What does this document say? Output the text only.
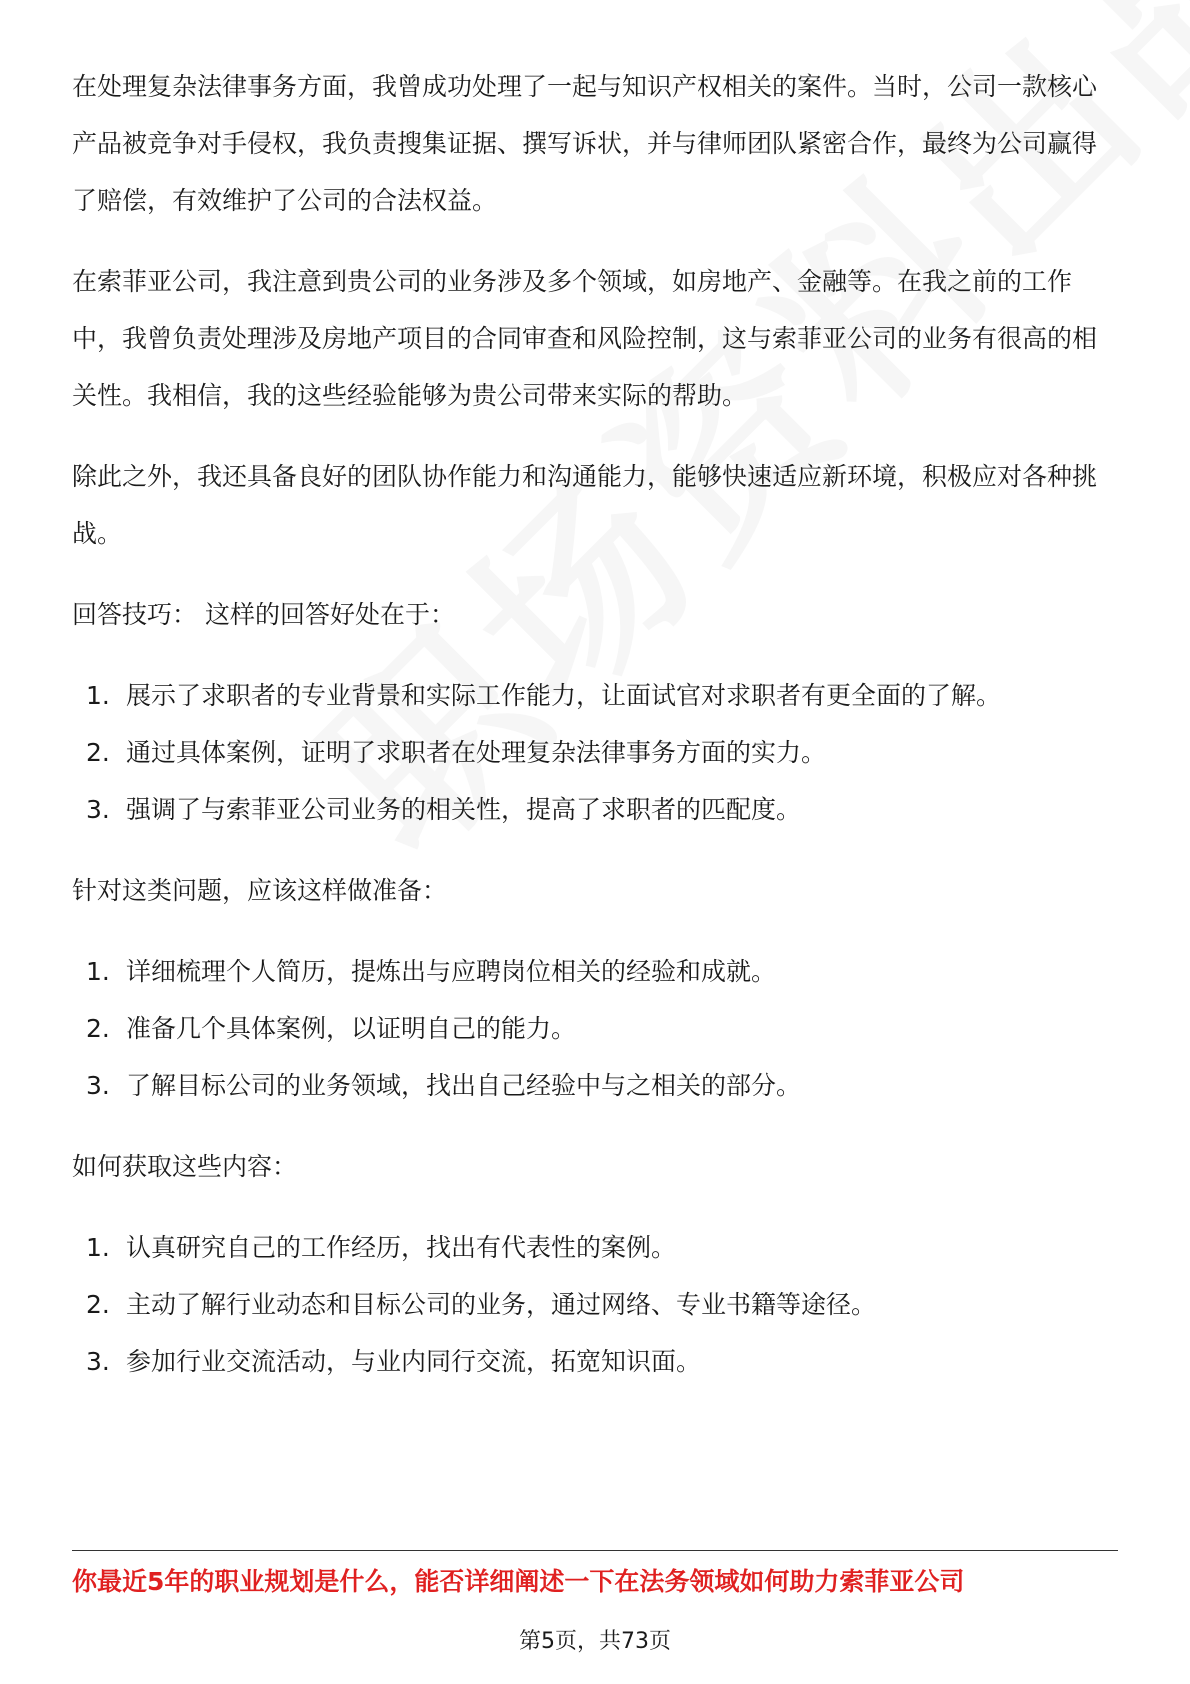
在处理复杂法律事务方面，我曾成功处理了一起与知识产权相关的案件。当时，公司一款核心产品被竞争对手侵权，我负责搜集证据、撰写诉状，并与律师团队紧密合作，最终为公司赢得了赔偿，有效维护了公司的合法权益。

在索菲亚公司，我注意到贵公司的业务涉及多个领域，如房地产、金融等。在我之前的工作中，我曾负责处理涉及房地产项目的合同审查和风险控制，这与索菲亚公司的业务有很高的相关性。我相信，我的这些经验能够为贵公司带来实际的帮助。

除此之外，我还具备良好的团队协作能力和沟通能力，能够快速适应新环境，积极应对各种挑战。

回答技巧： 这样的回答好处在于：

1. 展示了求职者的专业背景和实际工作能力，让面试官对求职者有更全面的了解。
2. 通过具体案例，证明了求职者在处理复杂法律事务方面的实力。
3. 强调了与索菲亚公司业务的相关性，提高了求职者的匹配度。

针对这类问题，应该这样做准备：

1. 详细梳理个人简历，提炼出与应聘岗位相关的经验和成就。
2. 准备几个具体案例，以证明自己的能力。
3. 了解目标公司的业务领域，找出自己经验中与之相关的部分。

如何获取这些内容：

1. 认真研究自己的工作经历，找出有代表性的案例。
2. 主动了解行业动态和目标公司的业务，通过网络、专业书籍等途径。
3. 参加行业交流活动，与业内同行交流，拓宽知识面。
你最近5年的职业规划是什么，能否详细阐述一下在法务领域如何助力索菲亚公司
第5页，共73页
